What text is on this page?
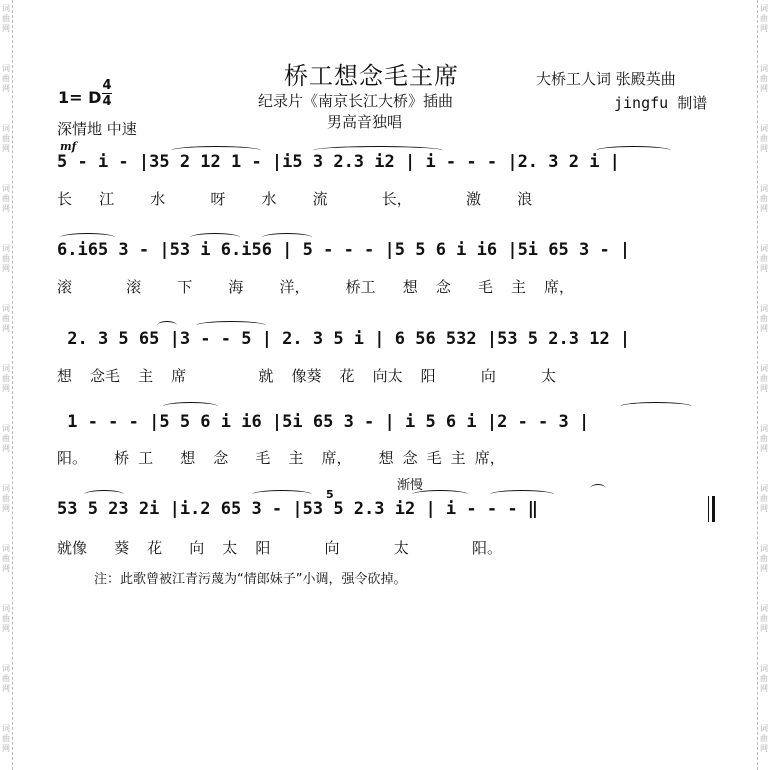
词
曲
网
词
曲
网
词
曲
网
词
曲
网
词
曲
网
词
曲
网
词
曲
网
词
曲
网
词
曲
网
词
曲
网
词
曲
网
词
曲
网
词
曲
网
词
曲
网
词
曲
网
词
曲
网
词
曲
网
词
曲
网
词
曲
网
词
曲
网
词
曲
网
词
曲
网
词
曲
网
词
曲
网
词
曲
网
词
曲
网
桥工想念毛主席
纪录片《南京长江大桥》插曲
大桥工人词 张殿英曲
jingfu 制谱
1= D
4
4
深情地 中速	男高音独唱
mf
渐慢
5 - i - |35 2 12 1 - |i5 3 2.3 i2 | i - - - |2. 3 2 i |
长   江    水     呀    水    流      长，      激    浪
6.i65 3 - |53 i 6.i56 | 5 - - - |5 5 6 i i6 |5i 65 3 - |
滚      滚    下    海    洋，    桥工   想  念   毛  主  席，
2. 3 5 65 |3 - - 5 | 2. 3 5 i | 6 56 532 |53 5 2.3 12 |
想  念毛  主  席        就  像葵  花  向太  阳     向     太
1 - - - |5 5 6 i i6 |5i 65 3 - | i 5 6 i |2 - - 3 |
阳。   桥 工   想  念   毛  主  席，   想 念 毛 主 席，
53 5 23 2i |i.2 65 3 - |53 5 2.3 i2 | i - - - ‖
就像   葵  花   向  太  阳      向      太       阳。
5
注：此歌曾被江青污蔑为“情郎妹子”小调，强令砍掉。
